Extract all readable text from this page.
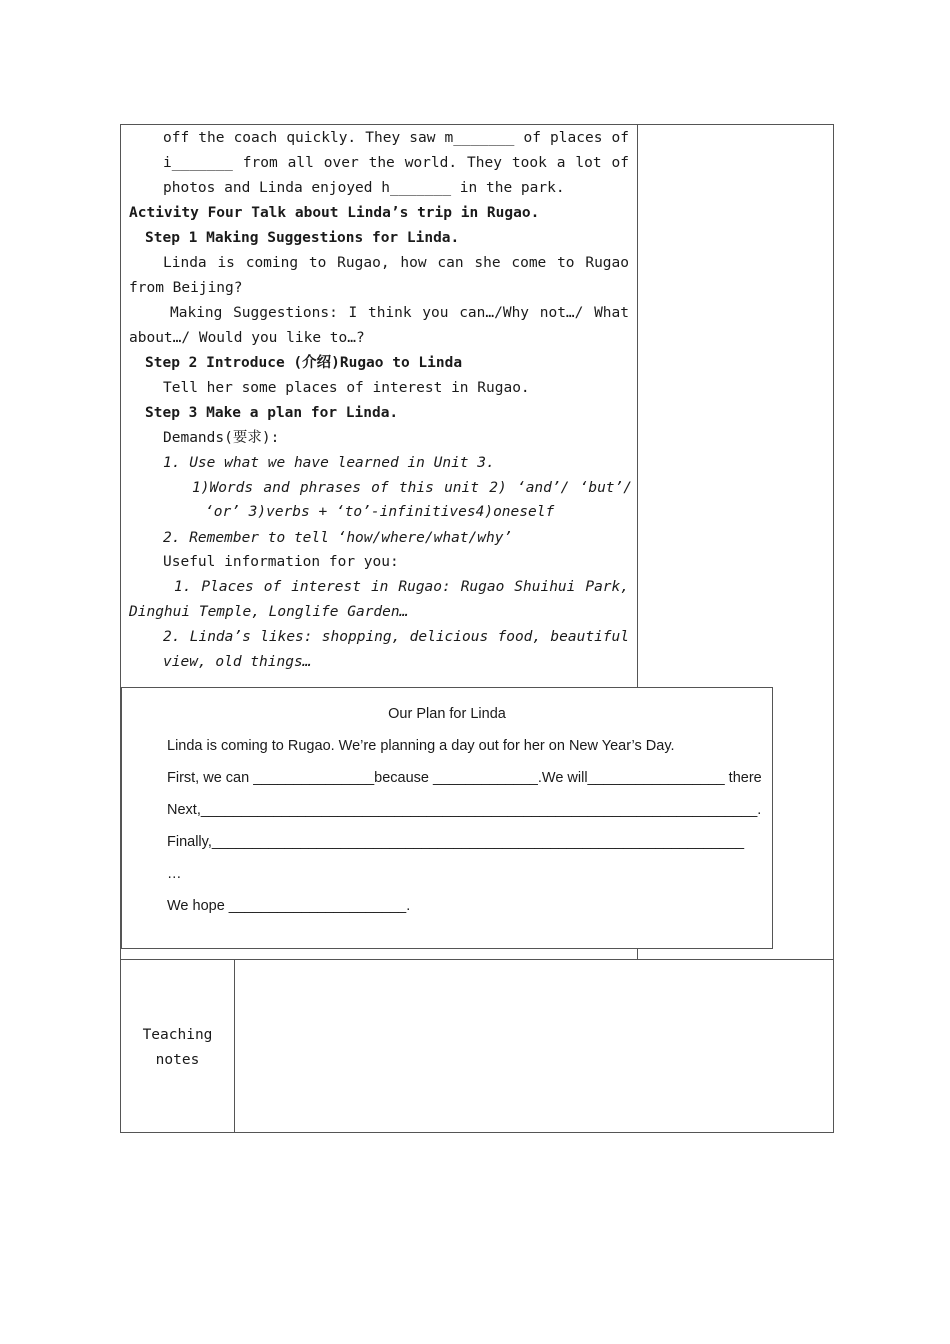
off the coach quickly. They saw m_______ of places of
i_______ from all over the world. They took a lot of
photos and Linda enjoyed h_______ in the park.
Activity Four Talk about Linda’s trip in Rugao.
Step 1 Making Suggestions for Linda.
Linda is coming to Rugao, how can she come to Rugao
from Beijing?
Making Suggestions: I think you can…/Why not…/ What
about…/ Would you like to…?
Step 2 Introduce (介绍)Rugao to Linda
Tell her some places of interest in Rugao.
Step 3 Make a plan for Linda.
Demands(要求):
1. Use what we have learned in Unit 3.
1)Words and phrases of this unit 2) ‘and’/ ‘but’/
‘or’ 3)verbs + ‘to’-infinitives4)oneself
2. Remember to tell ‘how/where/what/why’
Useful information for you:
1. Places of interest in Rugao: Rugao Shuihui Park,
Dinghui Temple, Longlife Garden…
2. Linda’s likes: shopping, delicious food, beautiful
view, old things…
Our Plan for Linda
Linda is coming to Rugao. We’re planning a day out for her on New Year’s Day.
First, we can _______________because _____________.We will_________________ there
Next,_____________________________________________________________________.
Finally,__________________________________________________________________
…
We hope ______________________.
Teaching
notes
